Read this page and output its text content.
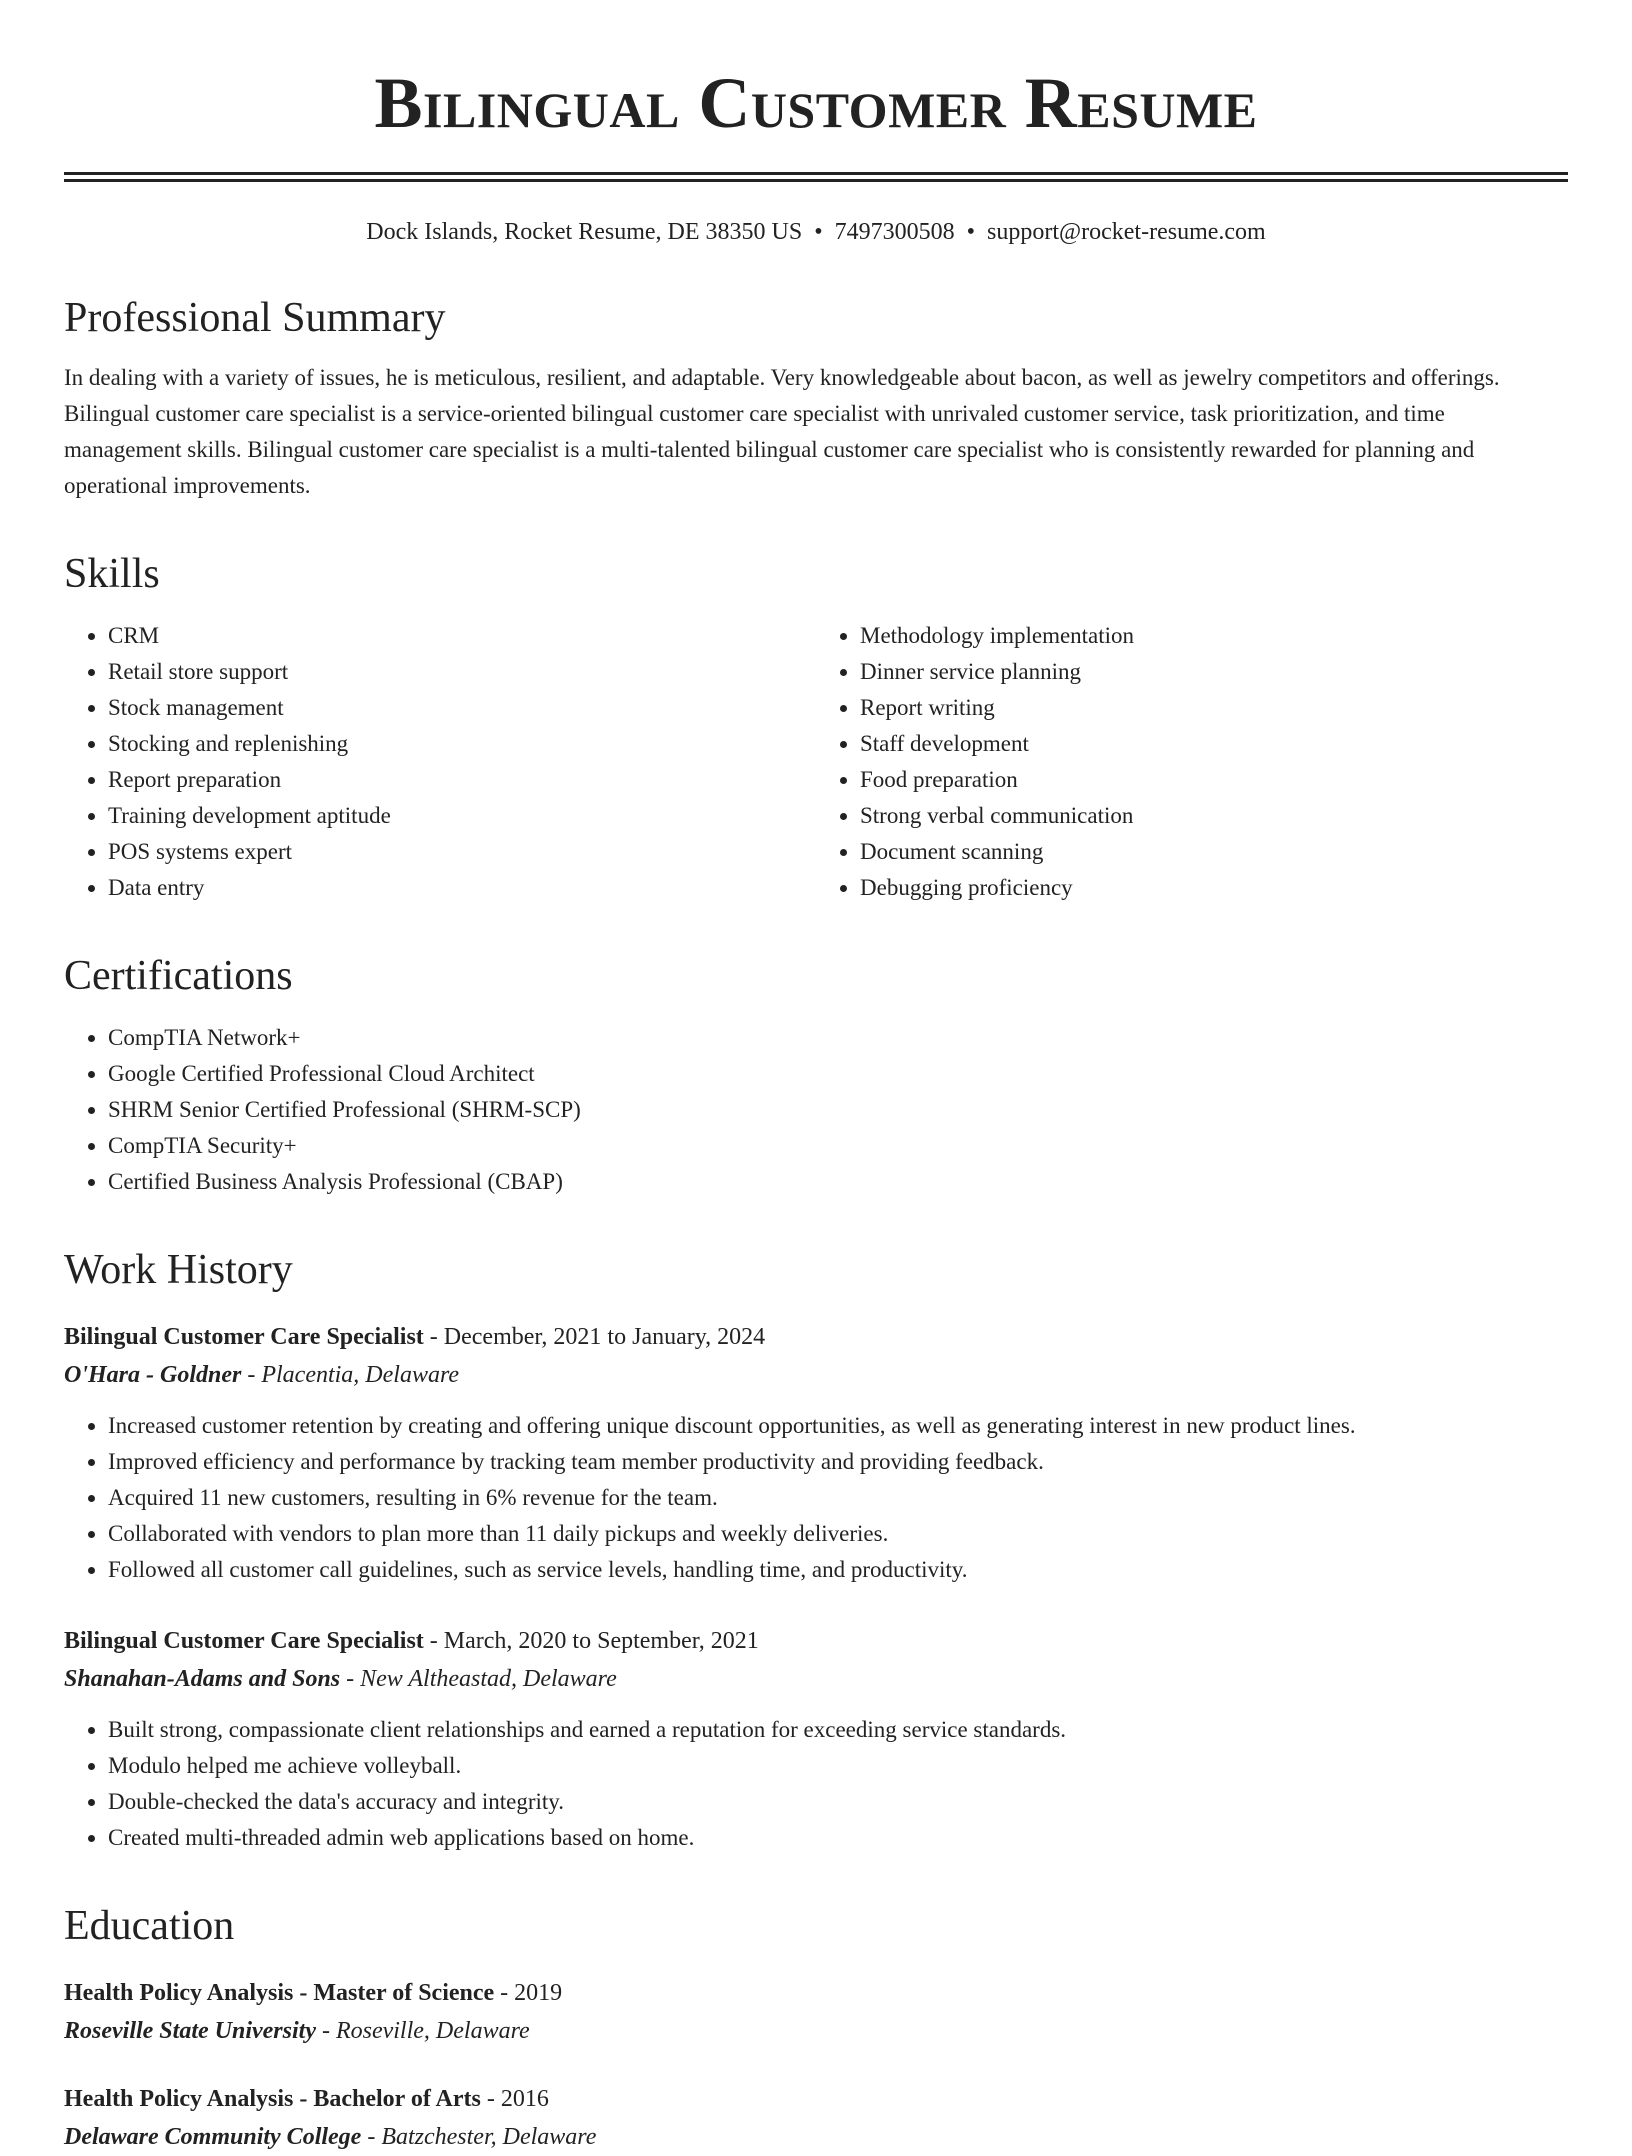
Bilingual Customer Resume
Dock Islands, Rocket Resume, DE 38350 US • 7497300508 • support@rocket-resume.com
Professional Summary

In dealing with a variety of issues, he is meticulous, resilient, and adaptable. Very knowledgeable about bacon, as well as jewelry competitors and offerings. Bilingual customer care specialist is a service-oriented bilingual customer care specialist with unrivaled customer service, task prioritization, and time management skills. Bilingual customer care specialist is a multi-talented bilingual customer care specialist who is consistently rewarded for planning and operational improvements.

Skills
• CRM
• Retail store support
• Stock management
• Stocking and replenishing
• Report preparation
• Training development aptitude
• POS systems expert
• Data entry
• Methodology implementation
• Dinner service planning
• Report writing
• Staff development
• Food preparation
• Strong verbal communication
• Document scanning
• Debugging proficiency
Certifications
• CompTIA Network+
• Google Certified Professional Cloud Architect
• SHRM Senior Certified Professional (SHRM-SCP)
• CompTIA Security+
• Certified Business Analysis Professional (CBAP)
Work History
Bilingual Customer Care Specialist - December, 2021 to January, 2024
O'Hara - Goldner - Placentia, Delaware
• Increased customer retention by creating and offering unique discount opportunities, as well as generating interest in new product lines.
• Improved efficiency and performance by tracking team member productivity and providing feedback.
• Acquired 11 new customers, resulting in 6% revenue for the team.
• Collaborated with vendors to plan more than 11 daily pickups and weekly deliveries.
• Followed all customer call guidelines, such as service levels, handling time, and productivity.
Bilingual Customer Care Specialist - March, 2020 to September, 2021
Shanahan-Adams and Sons - New Altheastad, Delaware
• Built strong, compassionate client relationships and earned a reputation for exceeding service standards.
• Modulo helped me achieve volleyball.
• Double-checked the data's accuracy and integrity.
• Created multi-threaded admin web applications based on home.
Education
Health Policy Analysis - Master of Science - 2019
Roseville State University - Roseville, Delaware
Health Policy Analysis - Bachelor of Arts - 2016
Delaware Community College - Batzchester, Delaware
